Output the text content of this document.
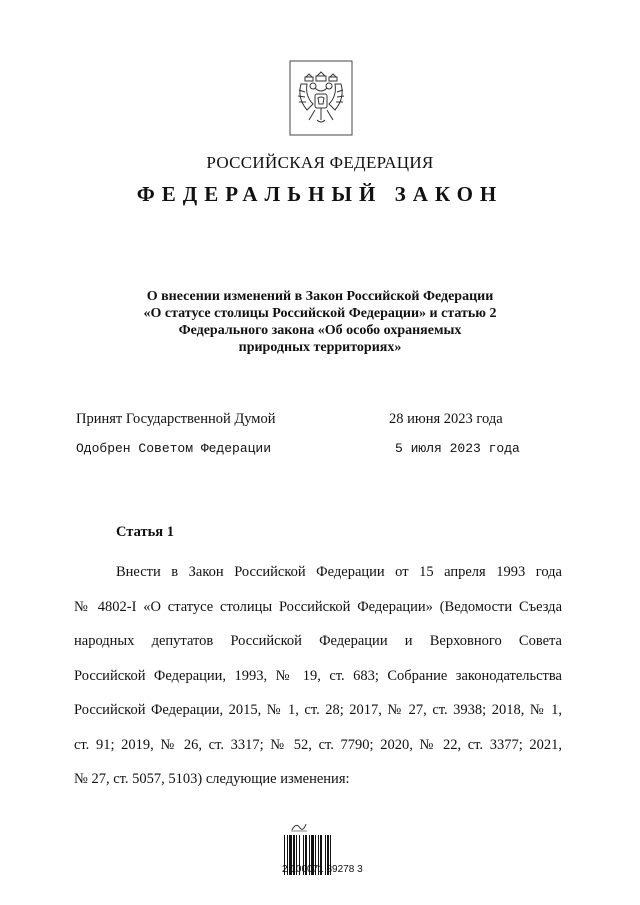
РОССИЙСКАЯ ФЕДЕРАЦИЯ
ФЕДЕРАЛЬНЫЙ ЗАКОН
О внесении изменений в Закон Российской Федерации
«О статусе столицы Российской Федерации» и статью 2
Федерального закона «Об особо охраняемых
природных территориях»
Принят Государственной Думой	28 июня 2023 года
Одобрен Советом Федерации	5 июля 2023 года
Статья 1
Внести в Закон Российской Федерации от 15 апреля 1993 года
№ 4802-I «О статусе столицы Российской Федерации» (Ведомости Съезда
народных депутатов Российской Федерации и Верховного Совета
Российской Федерации, 1993, № 19, ст. 683; Собрание законодательства
Российской Федерации, 2015, № 1, ст. 28; 2017, № 27, ст. 3938; 2018, № 1,
ст. 91; 2019, № 26, ст. 3317; № 52, ст. 7790; 2020, № 22, ст. 3377; 2021,
№ 27, ст. 5057, 5103) следующие изменения:
2 100071 89278 3
